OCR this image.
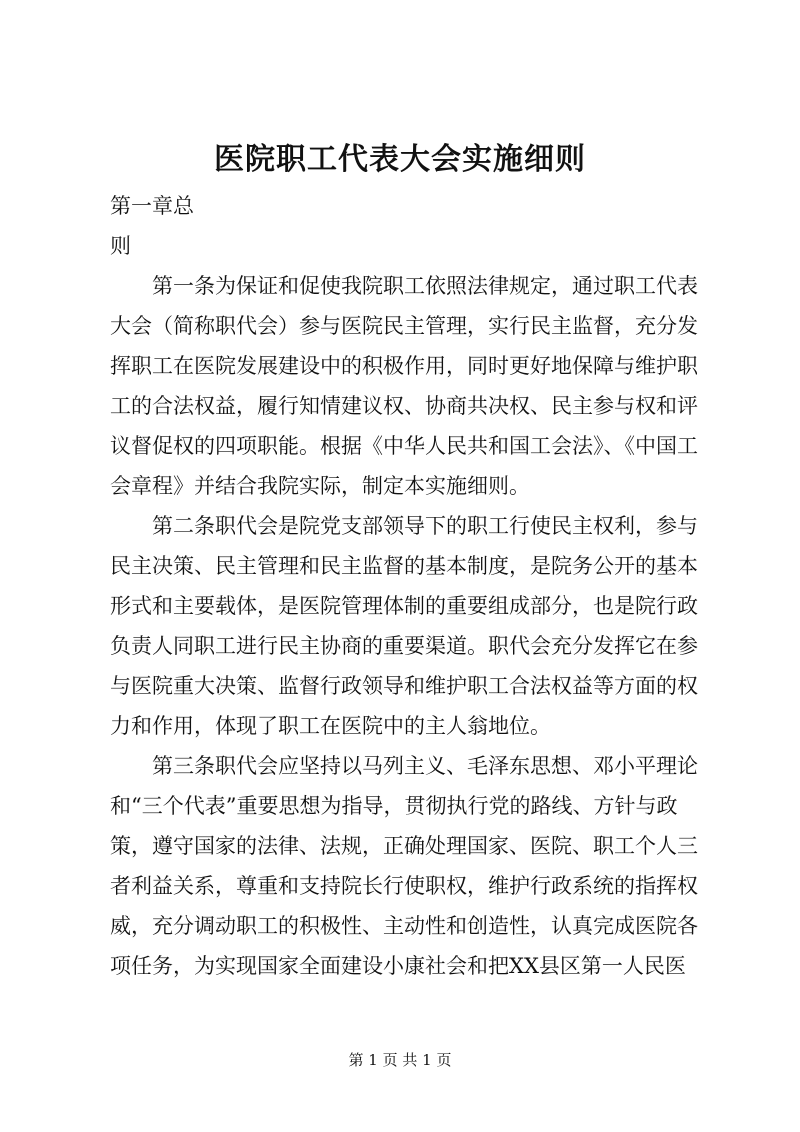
医院职工代表大会实施细则

第一章总

则

第一条为保证和促使我院职工依照法律规定，通过职工代表大会（简称职代会）参与医院民主管理，实行民主监督，充分发挥职工在医院发展建设中的积极作用，同时更好地保障与维护职工的合法权益，履行知情建议权、协商共决权、民主参与权和评议督促权的四项职能。根据《中华人民共和国工会法》、《中国工会章程》并结合我院实际，制定本实施细则。

第二条职代会是院党支部领导下的职工行使民主权利，参与民主决策、民主管理和民主监督的基本制度，是院务公开的基本形式和主要载体，是医院管理体制的重要组成部分，也是院行政负责人同职工进行民主协商的重要渠道。职代会充分发挥它在参与医院重大决策、监督行政领导和维护职工合法权益等方面的权力和作用，体现了职工在医院中的主人翁地位。

第三条职代会应坚持以马列主义、毛泽东思想、邓小平理论和“三个代表”重要思想为指导，贯彻执行党的路线、方针与政策，遵守国家的法律、法规，正确处理国家、医院、职工个人三者利益关系，尊重和支持院长行使职权，维护行政系统的指挥权威，充分调动职工的积极性、主动性和创造性，认真完成医院各项任务，为实现国家全面建设小康社会和把XX县区第一人民医

第 1 页 共 1 页
